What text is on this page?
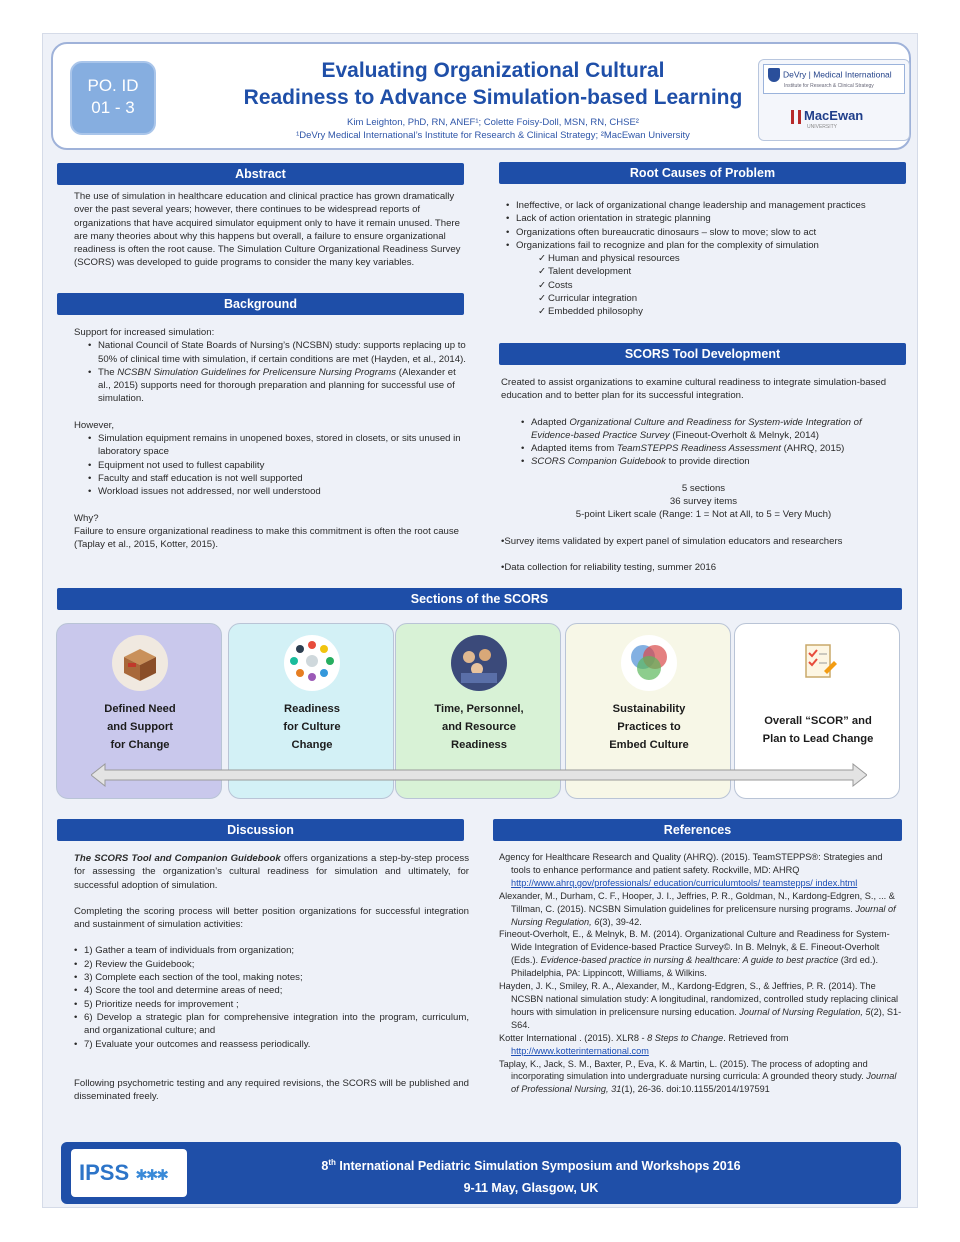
PO. ID
01 - 3
Evaluating Organizational Cultural
Readiness to Advance Simulation-based Learning
Kim Leighton, PhD, RN, ANEF¹; Colette Foisy-Doll, MSN, RN, CHSE²
¹DeVry Medical International’s Institute for Research & Clinical Strategy; ²MacEwan University
DeVry | Medical International
Institute for Research & Clinical Strategy
MacEwan
UNIVERSITY
Abstract

The use of simulation in healthcare education and clinical practice has grown dramatically over the past several years; however, there continues to be widespread reports of organizations that have acquired simulator equipment only to have it remain unused. There are many theories about why this happens but overall, a failure to ensure organizational readiness is often the root cause. The Simulation Culture Organizational Readiness Survey (SCORS) was developed to guide programs to consider the many key variables.

Background

Support for increased simulation:

• National Council of State Boards of Nursing’s (NCSBN) study: supports replacing up to 50% of clinical time with simulation, if certain conditions are met (Hayden, et al., 2014).
• The NCSBN Simulation Guidelines for Prelicensure Nursing Programs (Alexander et al., 2015) supports need for thorough preparation and planning for successful use of simulation.

However,

• Simulation equipment remains in unopened boxes, stored in closets, or sits unused in laboratory space
• Equipment not used to fullest capability
• Faculty and staff education is not well supported
• Workload issues not addressed, nor well understood

Why?

Failure to ensure organizational readiness to make this commitment is often the root cause (Taplay et al., 2015, Kotter, 2015).

Root Causes of Problem
• Ineffective, or lack of organizational change leadership and management practices
• Lack of action orientation in strategic planning
• Organizations often bureaucratic dinosaurs – slow to move; slow to act
• Organizations fail to recognize and plan for the complexity of simulation
✓ Human and physical resources
✓ Talent development
✓ Costs
✓ Curricular integration
✓ Embedded philosophy
SCORS Tool Development

Created to assist organizations to examine cultural readiness to integrate simulation-based education and to better plan for its successful integration.

• Adapted Organizational Culture and Readiness for System-wide Integration of Evidence-based Practice Survey (Fineout-Overholt & Melnyk, 2014)
• Adapted items from TeamSTEPPS Readiness Assessment (AHRQ, 2015)
• SCORS Companion Guidebook to provide direction

5 sections

36 survey items

5-point Likert scale (Range: 1 = Not at All, to 5 = Very Much)

•Survey items validated by expert panel of simulation educators and researchers

•Data collection for reliability testing, summer 2016

Sections of the SCORS
Defined Need
and Support
for Change
Readiness
for Culture
Change
Time, Personnel,
and Resource
Readiness
Sustainability
Practices to
Embed Culture
Overall “SCOR” and
Plan to Lead Change
Discussion

The SCORS Tool and Companion Guidebook offers organizations a step-by-step process for assessing the organization’s cultural readiness for simulation and ultimately, for successful adoption of simulation.

Completing the scoring process will better position organizations for successful integration and sustainment of simulation activities:

• 1) Gather a team of individuals from organization;
• 2) Review the Guidebook;
• 3) Complete each section of the tool, making notes;
• 4) Score the tool and determine areas of need;
• 5) Prioritize needs for improvement ;
• 6) Develop a strategic plan for comprehensive integration into the program, curriculum, and organizational culture; and
• 7) Evaluate your outcomes and reassess periodically.

Following psychometric testing and any required revisions, the SCORS will be published and disseminated freely.

References

Agency for Healthcare Research and Quality (AHRQ). (2015). TeamSTEPPS®: Strategies and tools to enhance performance and patient safety. Rockville, MD: AHRQ http://www.ahrq.gov/professionals/ education/curriculumtools/ teamstepps/ index.html

Alexander, M., Durham, C. F., Hooper, J. I., Jeffries, P. R., Goldman, N., Kardong-Edgren, S., ... & Tillman, C. (2015). NCSBN Simulation guidelines for prelicensure nursing programs. Journal of Nursing Regulation, 6(3), 39-42.

Fineout-Overholt, E., & Melnyk, B. M. (2014). Organizational Culture and Readiness for System-Wide Integration of Evidence-based Practice Survey©. In B. Melnyk, & E. Fineout-Overholt (Eds.). Evidence-based practice in nursing & healthcare: A guide to best practice (3rd ed.). Philadelphia, PA: Lippincott, Williams, & Wilkins.

Hayden, J. K., Smiley, R. A., Alexander, M., Kardong-Edgren, S., & Jeffries, P. R. (2014). The NCSBN national simulation study: A longitudinal, randomized, controlled study replacing clinical hours with simulation in prelicensure nursing education. Journal of Nursing Regulation, 5(2), S1-S64.

Kotter International . (2015). XLR8 - 8 Steps to Change. Retrieved from http://www.kotterinternational.com

Taplay, K., Jack, S. M., Baxter, P., Eva, K. & Martin, L. (2015). The process of adopting and incorporating simulation into undergraduate nursing curricula: A grounded theory study. Journal of Professional Nursing, 31(1), 26-36. doi:10.1155/2014/197591

IPSS ✱✱✱
8th International Pediatric Simulation Symposium and Workshops 2016
9-11 May, Glasgow, UK
